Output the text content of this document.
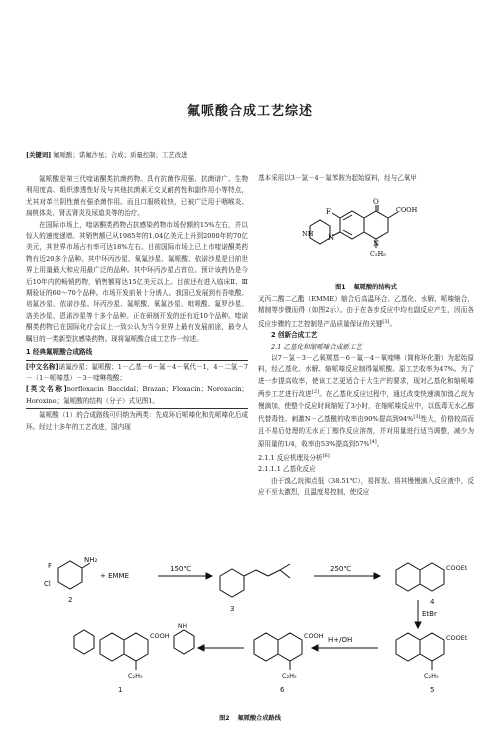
氟哌酸合成工艺综述
[关键词] 氟哌酸；诺氟沙星；合成；质量控制；工艺改进

氟哌酸是第三代喹诺酮类抗菌药物。具有抗菌作用强、抗菌谱广、生物利用度高、组织渗透性好及与其他抗菌素无交叉耐药性和副作用小等特点，尤其对革兰阴性菌有强杀菌作用。而且口服吸收快，已被广泛用于咽喉炎、扁桃体炎、肾盂肾炎及尿道炎等的治疗。

在国际市场上，喹诺酮类药物占抗感染药物市场份额的15%左右，并以惊人的速度递增。其销售额已从1985年的1.04亿美元上升到2000年的70亿美元，其世界市场占有率可达18%左右。目前国际市场上已上市喹诺酮类药物有近20多个品种。其中环丙沙星、氧氟沙星、氟哌酸、依诺沙星是目前世界上用量最大和应用最广泛的品种。其中环丙沙星占首位。预计该药仍是今后10年内的畅销药物，销售额将达15亿美元以上。目前还有进入临床Ⅱ、Ⅲ期验证的60～70个品种。市场开发前景十分诱人。我国已发展到有吾吡酸、培氟沙星、依诺沙星、环丙沙星、氟哌酸、氧氟沙星、吡哌酸、氟罗沙星、洛美沙星、恩诺沙星等十多个品种。正在研制开发的还有近10个品种。喹诺酮类药物已在国际化疗会议上一致公认为当今世界上最有发展前途，最令人瞩目的一类新型抗感染药物。现将氟哌酸合成工艺作一综述。

1 经典氟哌酸合成路线

[中文名称]诺氟沙星；氟哌酸；1－乙基－6－氟－4－氧代－1，4－二氢－7－（1－哌嗪基）－3－喹啉羧酸；

[英文名称]norfloxacin Baccidal；Brazan；Floxacin；Noroxacin；Horoxine；氟哌酸的结构（分子）式见图1。

氟哌酸（1）的合成路线可归纳为两类：先成环后哌嗪化和先哌嗪化后成环。经过十多年的工艺改进，国内现

基本采用以3－氯－4－氟苯胺为起始原料，经与乙氧甲

图1 氟哌酸的结构式

叉丙二酸二乙酯（EMME）缩合后高温环合、乙基化、水解、哌嗪缩合，精制等步骤而得（如图2示）。由于在各步反应中均有副反应产生，因而各反应步骤的工艺控制是产品质量保证的关键[3]。

2 创新合成工艺
2.1 乙基化和缩哌嗪合成新工艺

以7－氯－3－乙氧羰基－6－氟－4－氧喹啉（简称环化脂）为起始原料，经乙基化、水解、缩哌嗪反应制得氟哌酸。原工艺收率为47%。为了进一步提高收率，使该工艺更适合于大生产的要求，现对乙基化和缩哌嗪两步工艺进行改进[2]。在乙基化反应过程中，通过改变快速滴加溴乙烷为慢滴加，使整个反应时间缩短了3小时，在缩哌嗪反应中，以低毒无水乙醇代替毒性、刺激N－乙基酰的收率由90%提高到94%[3]性大，价格较高而且不易后处理的无水正丁醇作反应溶剂，并对用量进行适当调整，减少为原用量的1/4，收率由53%提高到57%[4]。

2.1.1 反应机理及分析[6]
2.1.1.1 乙基化反应

由于溴乙烷沸点低（38.51℃），易挥发。将其慢慢滴入反应液中，反应不至太激烈，且温度易控制，使反应

F
O
COOH
N
NH
N
C₂H₅
NH₂
F
Cl
2
+ EMME
150℃
3
250℃	COOEt
4
EtBr
COOEt
C₂H₅
5
H+/OH
COOH
C₂H₅
6
NH
COOH
C₂H₅
1
图2 氟哌酸合成路线
